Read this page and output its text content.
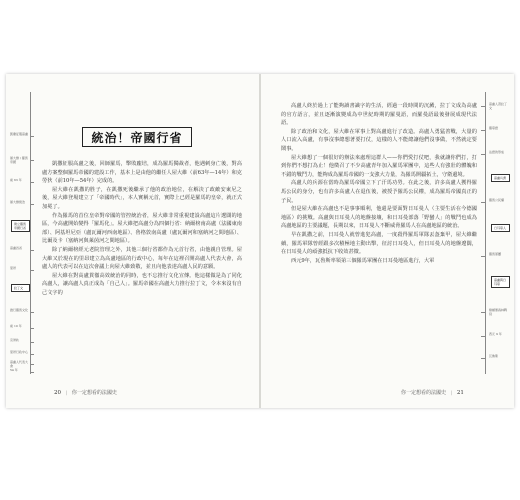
凱撒征服高盧
屋大維 / 羅馬帝國
前 63 年
屋大維統治
建立羅馬帝國行省
高盧四省
里昂
拉丁文
推行羅馬文化
前 10 年
克勞狄
里昂行政中心
高盧人代表大會
54 年
統治！帝國行省

凱撒征服高盧之後，回師羅馬，擊敗龐培，成為羅馬獨裁者，他遇刺身亡後，對高盧方案整個羅馬帝國的建設工作，基本上是由他的繼任人屋大維（前63年—14年）和克勞狄（前10年—54年）完成的。

屋大維在凱撒的胜子，在凱撒死後繼承了他的政治地位，在解決了政敵安東尼之後，屋大維登場建立了「帝國時代」，本人實稱元首，實際上已經是羅馬的皇帝，就正式加冕了。

作為羅馬的首位皇帝對帝國的管控統治者，屋大維非常重視建設高盧這片遼闊的地區，今高盧開始變得「羅馬化」。屋大維把高盧分為四個行省：納爾榜南高盧（法國東南部）、阿基坦尼亞（盧瓦爾河西南地區）、魯格敦南高盧（盧瓦爾河和塞納河之間地區）、比爾及卡（塞納河與萊茵河之間地區）。

除了納爾榜經元老院管理之外，其他三個行省都作為元首行省，由他親自管理。屋大維又於現在的里昂建立為高盧地區的行政中心，每年在這裡召開高盧人代表大會，高盧人的代表可以在這次會議上向屋大維致敬，並且向他表達高盧人民的意願。

屋大維在對高盧貫徹高效統治的同時，也不忘推行文化宣傳。他這樣做是為了同化高盧人，讓高盧人真正成為「自己人」。羅馬帝國在高盧大力推行拉丁文，令本來沒有自己文字的

20 | 你一定想看的法國史

高盧人終於過上了能夠讀書識字的生活，經過一段時間的沉澱，拉丁文成為高盧的官方語言，並且逐漸演變成為中世紀時期的羅曼語，而羅曼語最後發展成現代法語。

除了政治和文化，屋大維在軍事上對高盧進行了改造。高盧人勇猛善戰，大量的人口流入高盧，有事沒事總想著要打仗，這樣的人不能總讓他們沒事做，不然就定要鬧事。

屋大維想了一個很好的辦法來處理這群人——你們愛打仗吧，我就讓你們打，打到你們不想打為止！他徵召了不少高盧青年加入羅馬軍團中，這些人有強壯的體魄和不錯的戰鬥力，能夠成為羅馬帝國的一支強大力量，為羅馬開疆拓土，守衛邊境。

高盧人的兵源在當時為羅馬帝國立下了汗馬功勞。在此之後，許多高盧人獲得羅馬公民的身分，也有許多高盧人在退伍後，被授予羅馬公民權，成為羅馬帝國真正的子民。

但是屋大維在高盧也不是事事順利，他還是要面對日耳曼人（主要生活在今德國地區）的挑戰。高盧與日耳曼人的地盤接壤，和日耳曼部落「野蠻人」的戰鬥也成為高盧地區的主要議題，長期以來，日耳曼人不斷威脅羅馬人在高盧地區的統治。

早在凱撒之前，日耳曼人就曾進犯高盧，一度殺得羅馬軍隊丟盔棄甲，屋大維繼續，羅馬軍隊曾經跟多次積極地主動出擊，征討日耳曼人，但日耳曼人的地盤遼闊，在日耳曼人的頑強抵抗下收效甚微。

西元9年，瓦魯斯率領第三個羅馬軍團在日耳曼地區進行，大軍

高盧人習拉丁文
羅曼語
法語的形成
高盧兵源
羅馬公民權
日耳曼人
羅馬軍團
高盧與日耳曼
條頓堡森林戰役
西元 9 年
瓦魯斯
你一定想看的法國史 | 21
